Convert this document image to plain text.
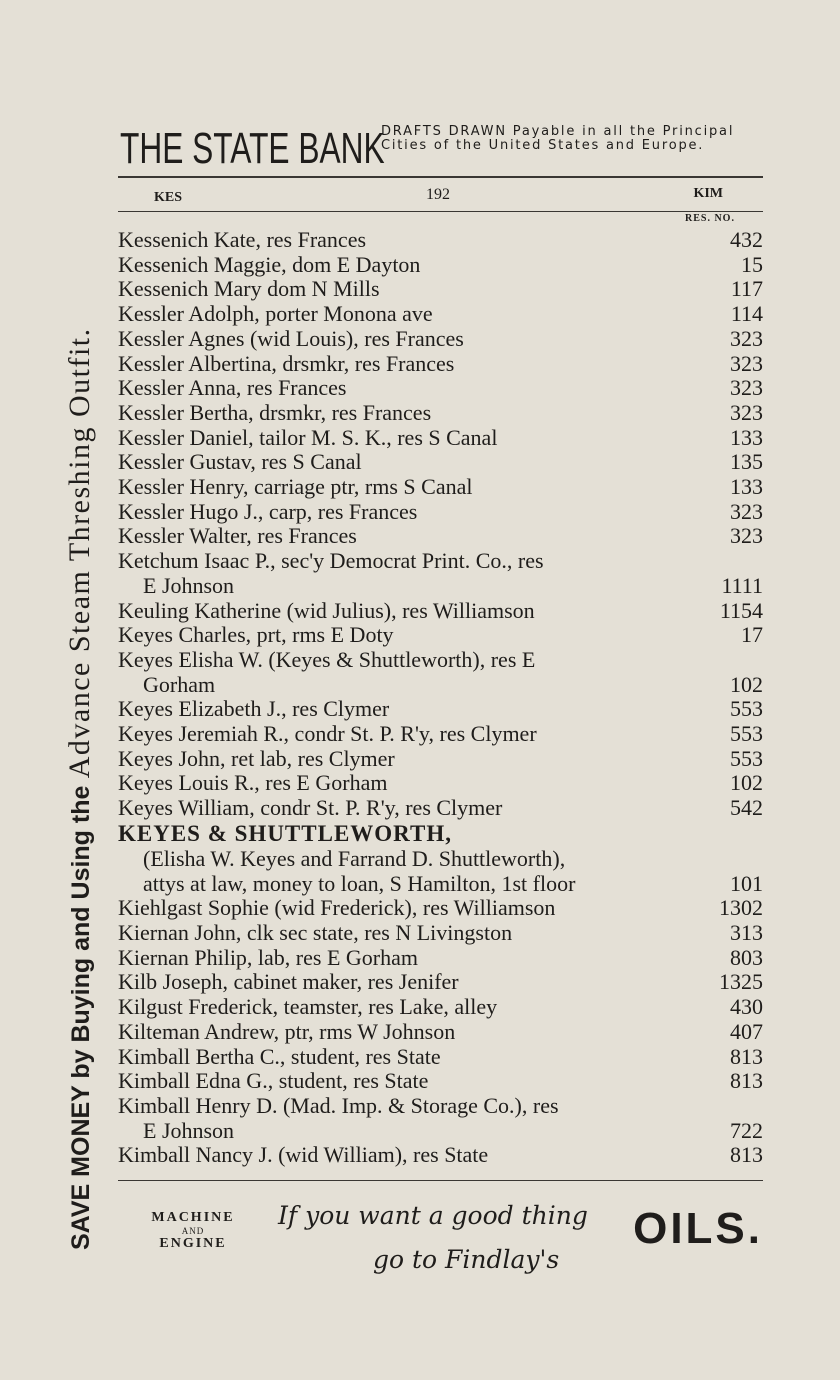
SAVE MONEY by Buying and Using the Advance Steam Threshing Outfit.
THE STATE BANK
DRAFTS DRAWN Payable in all the Principal Cities of the United States and Europe.
KES	192	KIM
RES. NO.
Kessenich Kate, res Frances	432
Kessenich Maggie, dom E Dayton	15
Kessenich Mary dom N Mills	117
Kessler Adolph, porter Monona ave	114
Kessler Agnes (wid Louis), res Frances	323
Kessler Albertina, drsmkr, res Frances	323
Kessler Anna, res Frances	323
Kessler Bertha, drsmkr, res Frances	323
Kessler Daniel, tailor M. S. K., res S Canal	133
Kessler Gustav, res S Canal	135
Kessler Henry, carriage ptr, rms S Canal	133
Kessler Hugo J., carp, res Frances	323
Kessler Walter, res Frances	323
Ketchum Isaac P., sec'y Democrat Print. Co., res
E Johnson	1111
Keuling Katherine (wid Julius), res Williamson	1154
Keyes Charles, prt, rms E Doty	17
Keyes Elisha W. (Keyes & Shuttleworth), res E
Gorham	102
Keyes Elizabeth J., res Clymer	553
Keyes Jeremiah R., condr St. P. R'y, res Clymer	553
Keyes John, ret lab, res Clymer	553
Keyes Louis R., res E Gorham	102
Keyes William, condr St. P. R'y, res Clymer	542
KEYES & SHUTTLEWORTH,
(Elisha W. Keyes and Farrand D. Shuttleworth),
attys at law, money to loan, S Hamilton, 1st floor	101
Kiehlgast Sophie (wid Frederick), res Williamson	1302
Kiernan John, clk sec state, res N Livingston	313
Kiernan Philip, lab, res E Gorham	803
Kilb Joseph, cabinet maker, res Jenifer	1325
Kilgust Frederick, teamster, res Lake, alley	430
Kilteman Andrew, ptr, rms W Johnson	407
Kimball Bertha C., student, res State	813
Kimball Edna G., student, res State	813
Kimball Henry D. (Mad. Imp. & Storage Co.), res
E Johnson	722
Kimball Nancy J. (wid William), res State	813
MACHINE
AND
ENGINE
If you want a good thing
go to Findlay's
OILS.
